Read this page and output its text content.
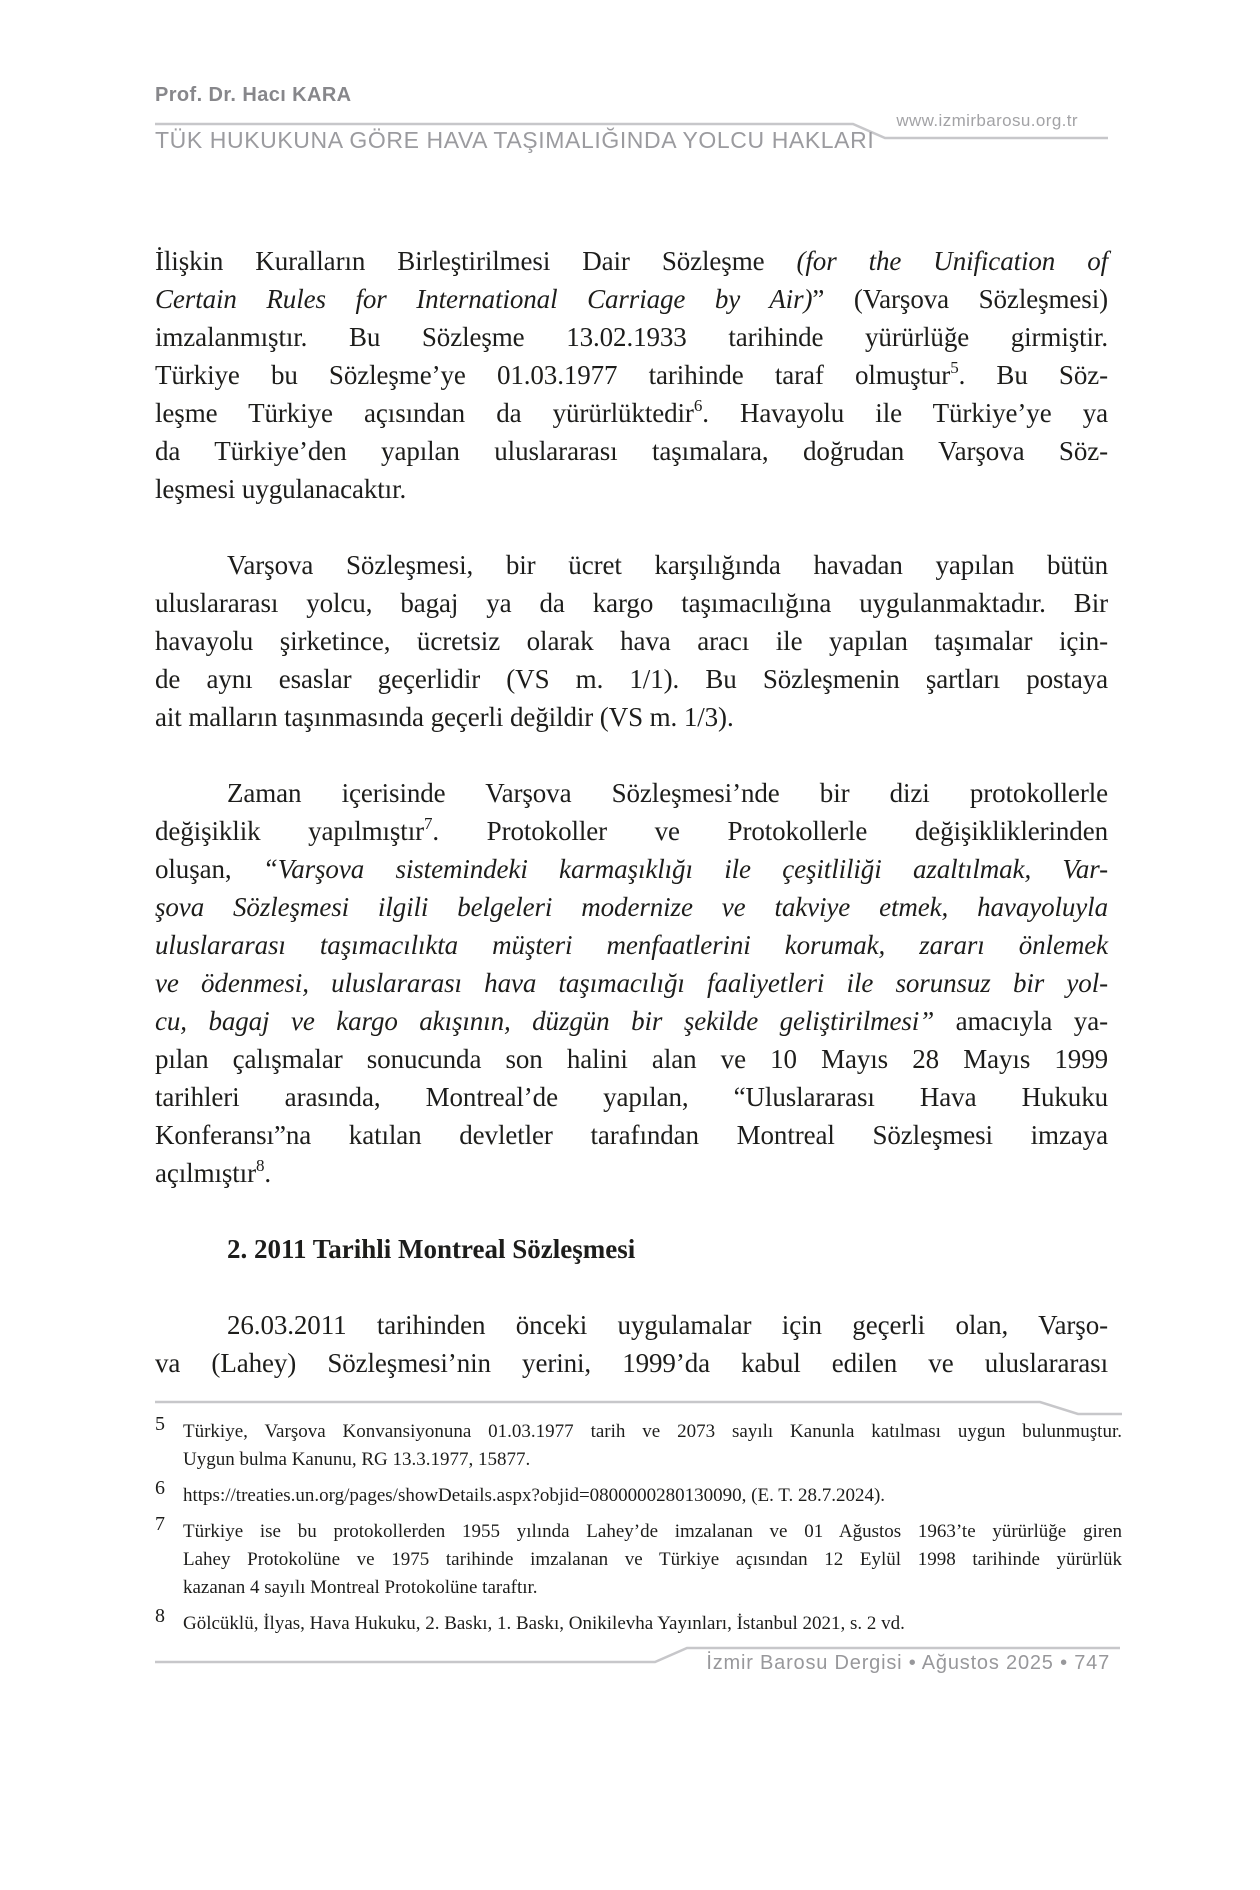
Prof. Dr. Hacı KARA
TÜK HUKUKUNA GÖRE HAVA TAŞIMALIĞINDA YOLCU HAKLARI
www.izmirbarosu.org.tr
İlişkin Kuralların Birleştirilmesi Dair Sözleşme (for the Unification of
Certain Rules for International Carriage by Air)” (Varşova Sözleşmesi)
imzalanmıştır. Bu Sözleşme 13.02.1933 tarihinde yürürlüğe girmiştir.
Türkiye bu Sözleşme’ye 01.03.1977 tarihinde taraf olmuştur$^5$. Bu Söz-
leşme Türkiye açısından da yürürlüktedir$^6$. Havayolu ile Türkiye’ye ya
da Türkiye’den yapılan uluslararası taşımalara, doğrudan Varşova Söz-
leşmesi uygulanacaktır.
Varşova Sözleşmesi, bir ücret karşılığında havadan yapılan bütün
uluslararası yolcu, bagaj ya da kargo taşımacılığına uygulanmaktadır. Bir
havayolu şirketince, ücretsiz olarak hava aracı ile yapılan taşımalar için-
de aynı esaslar geçerlidir (VS m. 1/1). Bu Sözleşmenin şartları postaya
ait malların taşınmasında geçerli değildir (VS m. 1/3).
Zaman içerisinde Varşova Sözleşmesi’nde bir dizi protokollerle
değişiklik yapılmıştır$^7$. Protokoller ve Protokollerle değişikliklerinden
oluşan, “Varşova sistemindeki karmaşıklığı ile çeşitliliği azaltılmak, Var-
şova Sözleşmesi ilgili belgeleri modernize ve takviye etmek, havayoluyla
uluslararası taşımacılıkta müşteri menfaatlerini korumak, zararı önlemek
ve ödenmesi, uluslararası hava taşımacılığı faaliyetleri ile sorunsuz bir yol-
cu, bagaj ve kargo akışının, düzgün bir şekilde geliştirilmesi” amacıyla ya-
pılan çalışmalar sonucunda son halini alan ve 10 Mayıs 28 Mayıs 1999
tarihleri arasında, Montreal’de yapılan, “Uluslararası Hava Hukuku
Konferansı”na katılan devletler tarafından Montreal Sözleşmesi imzaya
açılmıştır$^8$.
2. 2011 Tarihli Montreal Sözleşmesi
26.03.2011 tarihinden önceki uygulamalar için geçerli olan, Varşo-
va (Lahey) Sözleşmesi’nin yerini, 1999’da kabul edilen ve uluslararası
5 Türkiye, Varşova Konvansiyonuna 01.03.1977 tarih ve 2073 sayılı Kanunla katılması uygun bulunmuştur.
Uygun bulma Kanunu, RG 13.3.1977, 15877.
6 https://treaties.un.org/pages/showDetails.aspx?objid=0800000280130090, (E. T. 28.7.2024).
7 Türkiye ise bu protokollerden 1955 yılında Lahey’de imzalanan ve 01 Ağustos 1963’te yürürlüğe giren
Lahey Protokolüne ve 1975 tarihinde imzalanan ve Türkiye açısından 12 Eylül 1998 tarihinde yürürlük
kazanan 4 sayılı Montreal Protokolüne taraftır.
8 Gölcüklü, İlyas, Hava Hukuku, 2. Baskı, 1. Baskı, Onikilevha Yayınları, İstanbul 2021, s. 2 vd.
İzmir Barosu Dergisi • Ağustos 2025 • 747
